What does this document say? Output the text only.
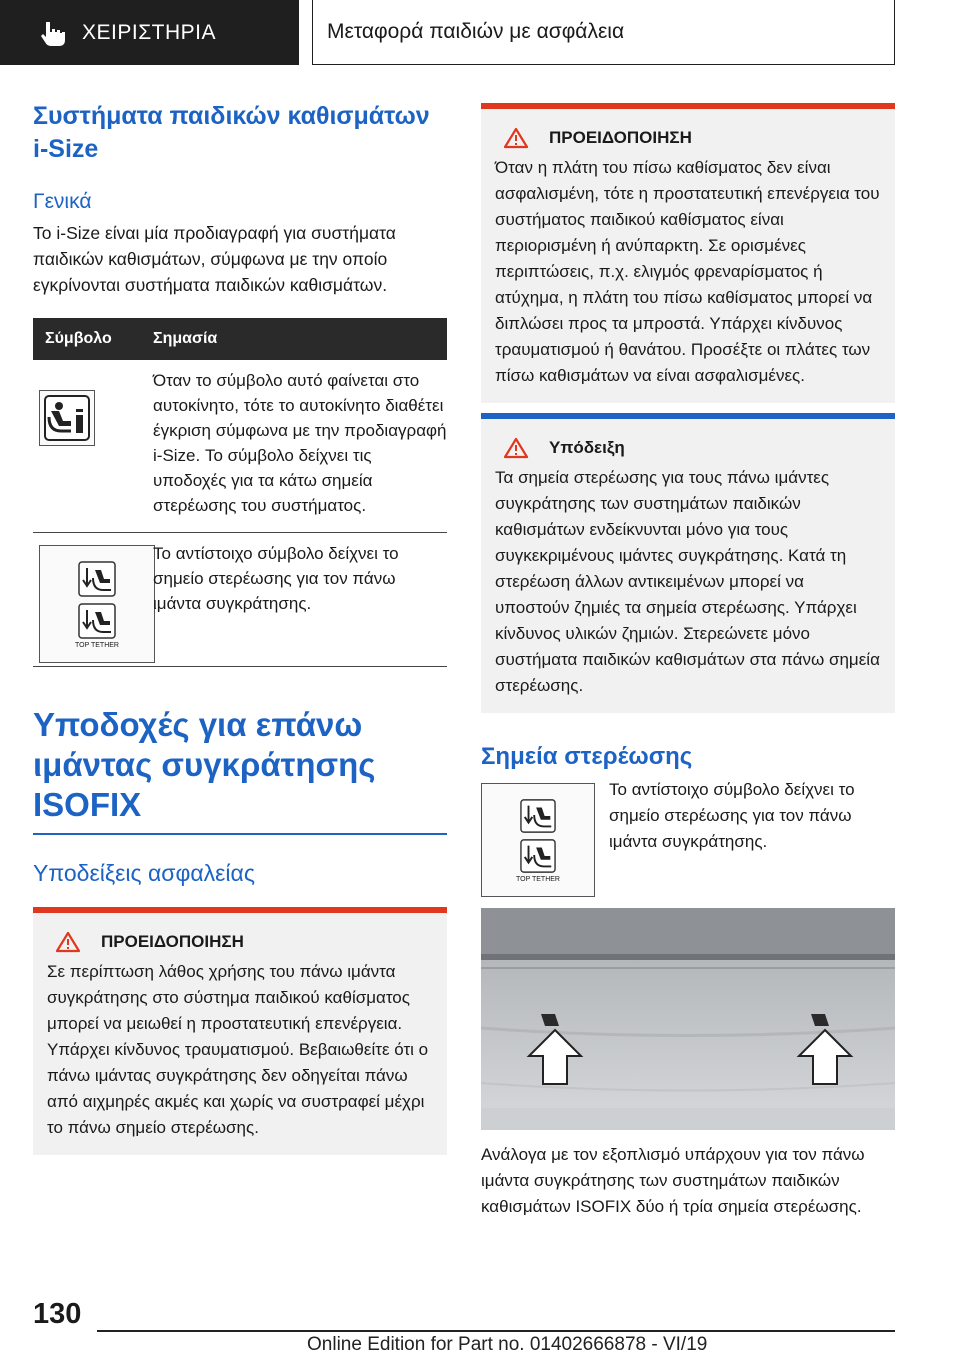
ΧΕΙΡΙΣΤΗΡΙΑ	Μεταφορά παιδιών με ασφάλεια
Συστήματα παιδικών καθισμάτων i-Size
Γενικά

Το i-Size είναι μία προδιαγραφή για συστήματα παιδικών καθισμάτων, σύμφωνα με την οποίο εγκρίνονται συστήματα παιδικών καθισμάτων.

Σύμβολο	Σημασία
Όταν το σύμβολο αυτό φαίνεται στο αυτοκίνητο, τότε το αυτοκίνητο διαθέτει έγκριση σύμφωνα με την προδιαγραφή i-Size. Το σύμβολο δείχνει τις υποδοχές για τα κάτω σημεία στερέωσης του συστήματος.
TOP TETHER
Το αντίστοιχο σύμβολο δείχνει το σημείο στερέωσης για τον πάνω ιμάντα συγκράτησης.
Υποδοχές για επάνω ιμάντας συγκράτησης ISOFIX
Υποδείξεις ασφαλείας
ΠΡΟΕΙΔΟΠΟΙΗΣΗ

Σε περίπτωση λάθος χρήσης του πάνω ιμάντα συγκράτησης στο σύστημα παιδικού καθίσματος μπορεί να μειωθεί η προστατευτική επενέργεια. Υπάρχει κίνδυνος τραυματισμού. Βεβαιωθείτε ότι ο πάνω ιμάντας συγκράτησης δεν οδηγείται πάνω από αιχμηρές ακμές και χωρίς να συστραφεί μέχρι το πάνω σημείο στερέωσης.

ΠΡΟΕΙΔΟΠΟΙΗΣΗ

Όταν η πλάτη του πίσω καθίσματος δεν είναι ασφαλισμένη, τότε η προστατευτική επενέργεια του συστήματος παιδικού καθίσματος είναι περιορισμένη ή ανύπαρκτη. Σε ορισμένες περιπτώσεις, π.χ. ελιγμός φρεναρίσματος ή ατύχημα, η πλάτη του πίσω καθίσματος μπορεί να διπλώσει προς τα μπροστά. Υπάρχει κίνδυνος τραυματισμού ή θανάτου. Προσέξτε οι πλάτες των πίσω καθισμάτων να είναι ασφαλισμένες.

Υπόδειξη

Τα σημεία στερέωσης για τους πάνω ιμάντες συγκράτησης των συστημάτων παιδικών καθισμάτων ενδείκνυνται μόνο για τους συγκεκριμένους ιμάντες συγκράτησης. Κατά τη στερέωση άλλων αντικειμένων μπορεί να υποστούν ζημιές τα σημεία στερέωσης. Υπάρχει κίνδυνος υλικών ζημιών. Στερεώνετε μόνο συστήματα παιδικών καθισμάτων στα πάνω σημεία στερέωσης.

Σημεία στερέωσης
TOP TETHER

Το αντίστοιχο σύμβολο δείχνει το σημείο στερέωσης για τον πάνω ιμάντα συγκράτησης.

Ανάλογα με τον εξοπλισμό υπάρχουν για τον πάνω ιμάντα συγκράτησης των συστημάτων παιδικών καθισμάτων ISOFIX δύο ή τρία σημεία στερέωσης.

130
Online Edition for Part no. 01402666878 - VI/19
